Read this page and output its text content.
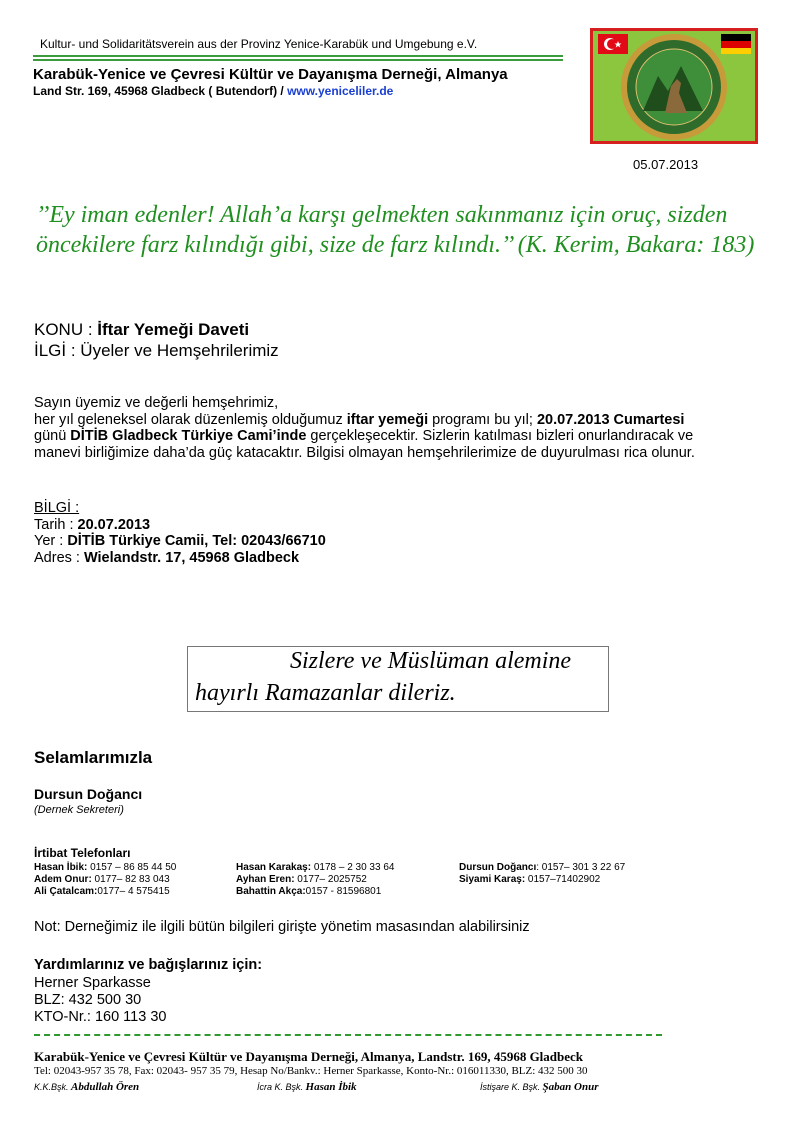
Kultur- und Solidaritätsverein aus der Provinz Yenice-Karabük und Umgebung e.V.
Karabük-Yenice ve Çevresi Kültür ve Dayanışma Derneği, Almanya
Land Str. 169, 45968 Gladbeck ( Butendorf) / www.yeniceliler.de
05.07.2013
’’Ey iman edenler! Allah’a karşı gelmekten sakınmanız için oruç, sizden
öncekilere farz kılındığı gibi, size de farz kılındı.’’ (K. Kerim, Bakara: 183)
KONU : İftar Yemeği Daveti
İLGİ : Üyeler ve Hemşehrilerimiz
Sayın üyemiz ve değerli hemşehrimiz,
her yıl geleneksel olarak düzenlemiş olduğumuz iftar yemeği programı bu yıl; 20.07.2013 Cumartesi
günü DİTİB Gladbeck Türkiye Cami’inde gerçekleşecektir. Sizlerin katılması bizleri onurlandıracak ve
manevi birliğimize daha’da güç katacaktır. Bilgisi olmayan hemşehrilerimize de duyurulması rica olunur.
BİLGİ :
Tarih : 20.07.2013
Yer : DİTİB Türkiye Camii, Tel: 02043/66710
Adres : Wielandstr. 17, 45968 Gladbeck
Sizlere ve Müslüman alemine
hayırlı Ramazanlar dileriz.
Selamlarımızla
Dursun Doğancı
(Dernek Sekreteri)
İrtibat Telefonları
Hasan İbik: 0157 – 86 85 44 50
Adem Onur: 0177– 82 83 043
Ali Çatalcam:0177– 4 575415
Hasan Karakaş: 0178 – 2 30 33 64
Ayhan Eren: 0177– 2025752
Bahattin Akça:0157 - 81596801
Dursun Doğancı: 0157– 301 3 22 67
Siyami Karaş: 0157–71402902
Not: Derneğimiz ile ilgili bütün bilgileri girişte yönetim masasından alabilirsiniz
Yardımlarınız ve bağışlarınız için:
Herner Sparkasse
BLZ: 432 500 30
KTO-Nr.: 160 113 30
Karabük-Yenice ve Çevresi Kültür ve Dayanışma Derneği, Almanya, Landstr. 169, 45968 Gladbeck
Tel: 02043-957 35 78, Fax: 02043- 957 35 79, Hesap No/Bankv.: Herner Sparkasse, Konto-Nr.: 016011330, BLZ: 432 500 30
K.K.Bşk. Abdullah Ören	İcra K. Bşk. Hasan İbik	İstişare K. Bşk. Şaban Onur
